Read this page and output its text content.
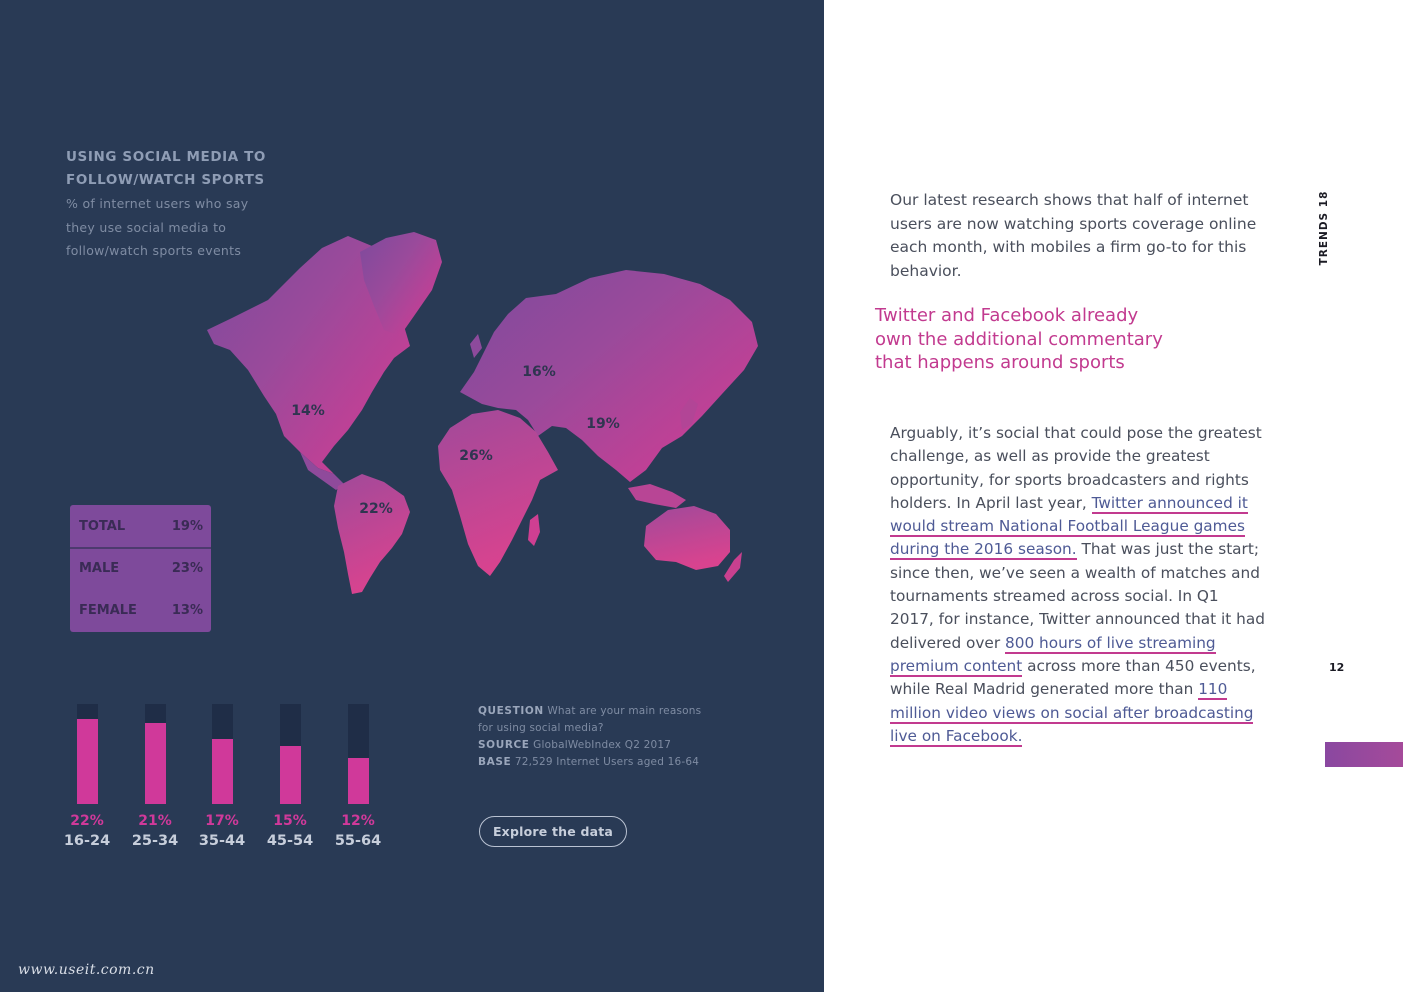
USING SOCIAL MEDIA TO FOLLOW/WATCH SPORTS
% of internet users who say they use social media to follow/watch sports events
14%
22%
16%
26%
19%
TOTAL	19%
MALE	23%
FEMALE	13%
22%
16-24
21%
25-34
17%
35-44
15%
45-54
12%
55-64
QUESTION What are your main reasons for using social media?
SOURCE GlobalWebIndex Q2 2017
BASE 72,529 Internet Users aged 16-64
Explore the data
www.useit.com.cn

Our latest research shows that half of internet users are now watching sports coverage online each month, with mobiles a firm go-to for this behavior.

Twitter and Facebook already own the additional commentary that happens around sports

Arguably, it’s social that could pose the greatest challenge, as well as provide the greatest opportunity, for sports broadcasters and rights holders. In April last year, Twitter announced it would stream National Football League games during the 2016 season. That was just the start; since then, we’ve seen a wealth of matches and tournaments streamed across social. In Q1 2017, for instance, Twitter announced that it had delivered over 800 hours of live streaming premium content across more than 450 events, while Real Madrid generated more than 110 million video views on social after broadcasting live on Facebook.

TRENDS 18
12
